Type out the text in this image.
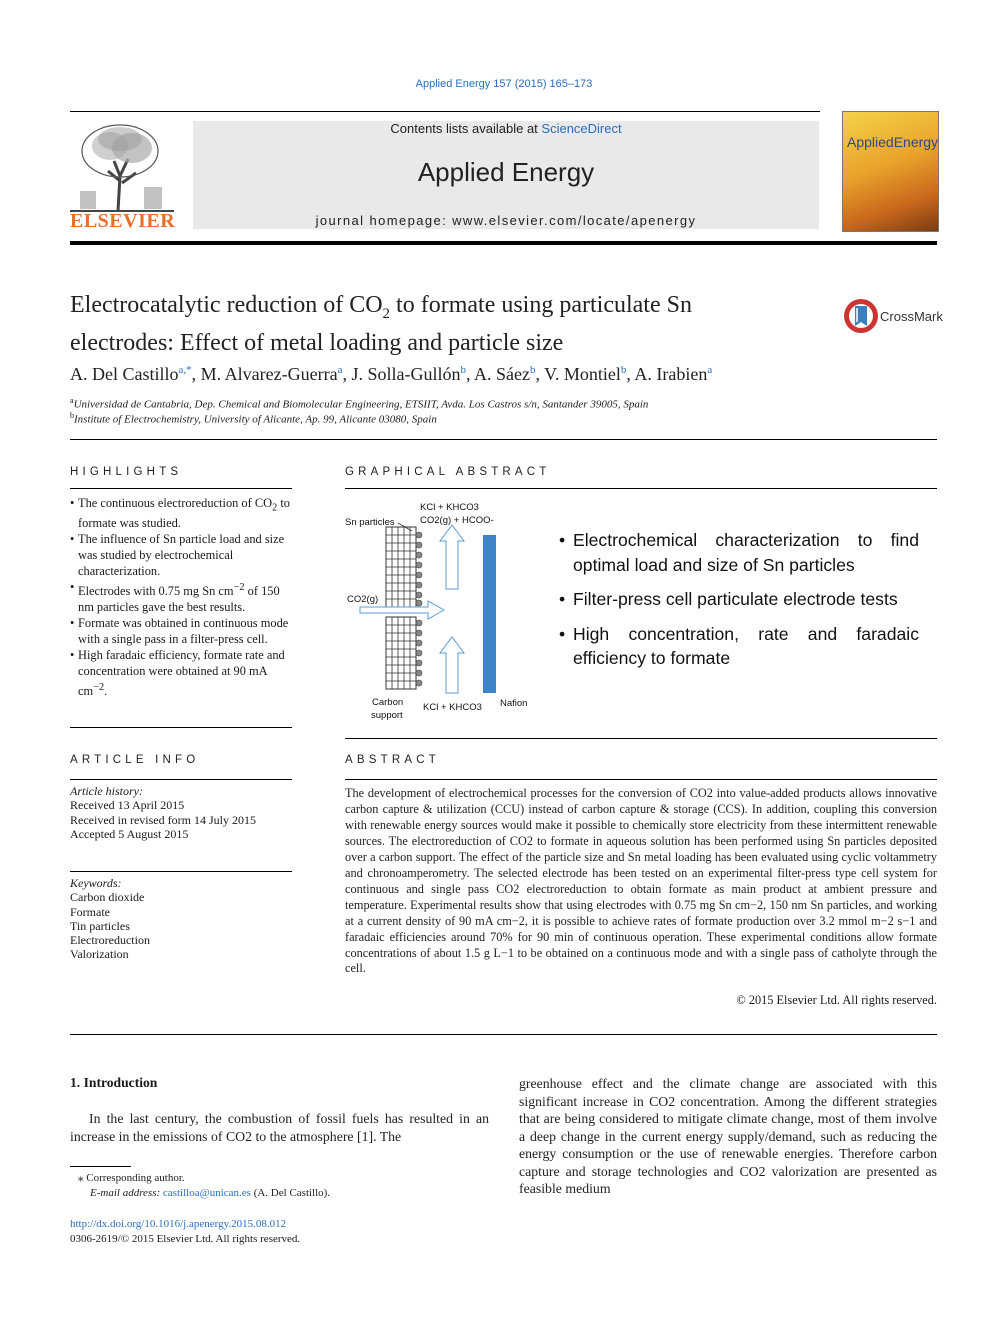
Applied Energy 157 (2015) 165–173
ELSEVIER
Contents lists available at ScienceDirect
Applied Energy
journal homepage: www.elsevier.com/locate/apenergy
AppliedEnergy
Electrocatalytic reduction of $CO_2$ to formate using particulate Sn
electrodes: Effect of metal loading and particle size
CrossMark
A. Del Castillo$^{a,*}$, M. Alvarez-Guerra$^a$, J. Solla-Gullón$^b$, A. Sáez$^b$, V. Montiel$^b$, A. Irabien$^a$
$^a$Universidad de Cantabria, Dep. Chemical and Biomolecular Engineering, ETSIIT, Avda. Los Castros s/n, Santander 39005, Spain
$^b$Institute of Electrochemistry, University of Alicante, Ap. 99, Alicante 03080, Spain
HIGHLIGHTS
• The continuous electroreduction of $CO_2$ to formate was studied.
• The influence of Sn particle load and size was studied by electrochemical characterization.
• Electrodes with 0.75 mg Sn $cm^{-2}$ of 150 nm particles gave the best results.
• Formate was obtained in continuous mode with a single pass in a filter-press cell.
• High faradaic efficiency, formate rate and concentration were obtained at 90 mA $cm^{-2}$.
GRAPHICAL ABSTRACT
Sn particles
KCl + KHCO3
CO2(g) + HCOO-
CO2(g)
Carbon
support
KCl + KHCO3 Nafion
• Electrochemical characterization to find optimal load and size of Sn particles
• Filter-press cell particulate electrode tests
• High concentration, rate and faradaic efficiency to formate
ARTICLE INFO
Article history:
Received 13 April 2015
Received in revised form 14 July 2015
Accepted 5 August 2015
Keywords:
Carbon dioxide
Formate
Tin particles
Electroreduction
Valorization
ABSTRACT
The development of electrochemical processes for the conversion of CO2 into value-added products allows innovative carbon capture & utilization (CCU) instead of carbon capture & storage (CCS). In addition, coupling this conversion with renewable energy sources would make it possible to chemically store electricity from these intermittent renewable sources. The electroreduction of CO2 to formate in aqueous solution has been performed using Sn particles deposited over a carbon support. The effect of the particle size and Sn metal loading has been evaluated using cyclic voltammetry and chronoamperometry. The selected electrode has been tested on an experimental filter-press type cell system for continuous and single pass CO2 electroreduction to obtain formate as main product at ambient pressure and temperature. Experimental results show that using electrodes with 0.75 mg Sn cm−2, 150 nm Sn particles, and working at a current density of 90 mA cm−2, it is possible to achieve rates of formate production over 3.2 mmol m−2 s−1 and faradaic efficiencies around 70% for 90 min of continuous operation. These experimental conditions allow formate concentrations of about 1.5 g L−1 to be obtained on a continuous mode and with a single pass of catholyte through the cell.
© 2015 Elsevier Ltd. All rights reserved.
1. Introduction
In the last century, the combustion of fossil fuels has resulted in an increase in the emissions of CO2 to the atmosphere [1]. The
greenhouse effect and the climate change are associated with this significant increase in CO2 concentration. Among the different strategies that are being considered to mitigate climate change, most of them involve a deep change in the current energy supply/demand, such as reducing the energy consumption or the use of renewable energies. Therefore carbon capture and storage technologies and CO2 valorization are presented as feasible medium
⁎ Corresponding author.
E-mail address: castilloa@unican.es (A. Del Castillo).
http://dx.doi.org/10.1016/j.apenergy.2015.08.012
0306-2619/© 2015 Elsevier Ltd. All rights reserved.
